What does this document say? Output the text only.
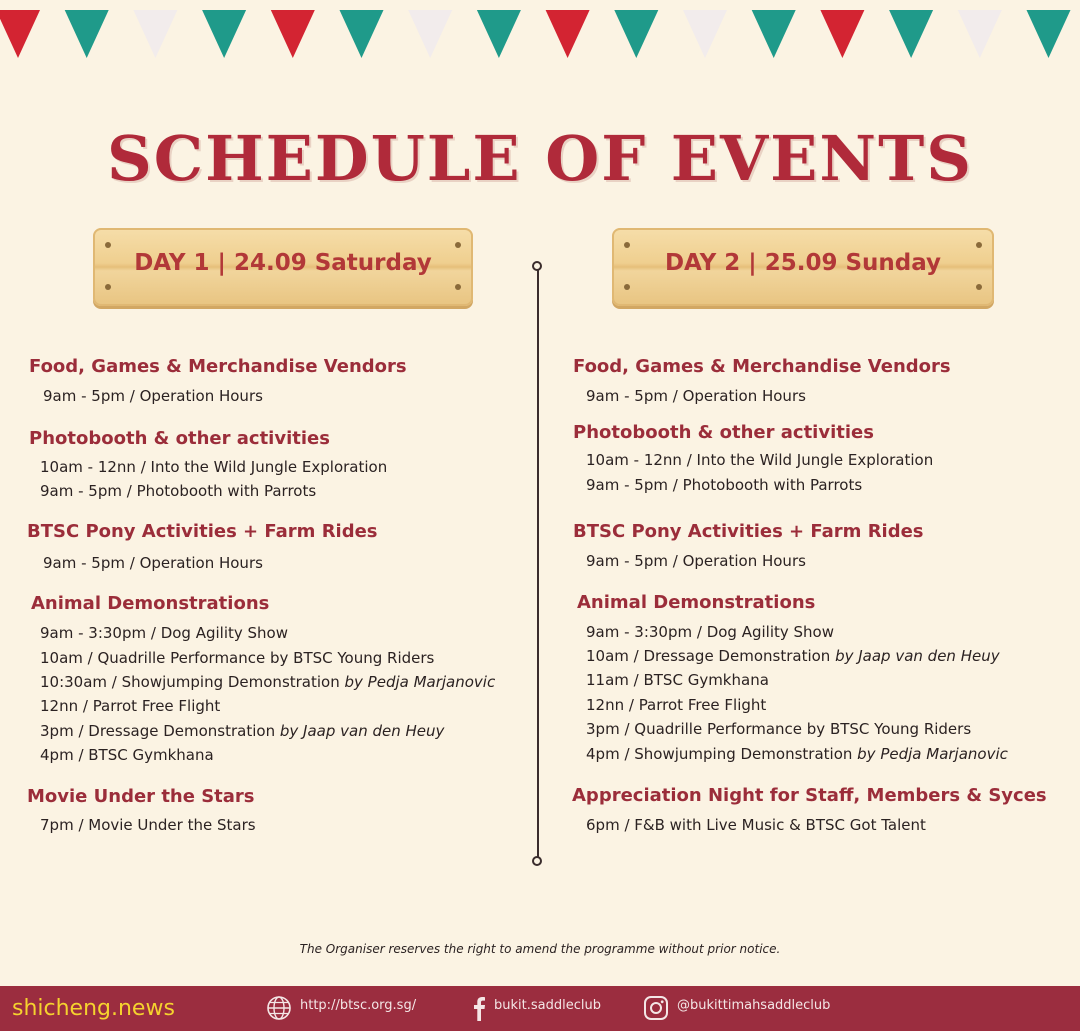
SCHEDULE OF EVENTS
DAY 1 | 24.09 Saturday	DAY 2 | 25.09 Sunday
Food, Games & Merchandise Vendors
9am - 5pm / Operation Hours
Photobooth & other activities
10am - 12nn / Into the Wild Jungle Exploration
9am - 5pm / Photobooth with Parrots
BTSC Pony Activities + Farm Rides
9am - 5pm / Operation Hours
Animal Demonstrations
9am - 3:30pm / Dog Agility Show
10am / Quadrille Performance by BTSC Young Riders
10:30am / Showjumping Demonstration by Pedja Marjanovic
12nn / Parrot Free Flight
3pm / Dressage Demonstration by Jaap van den Heuy
4pm / BTSC Gymkhana
Movie Under the Stars
7pm / Movie Under the Stars
Food, Games & Merchandise Vendors
9am - 5pm / Operation Hours
Photobooth & other activities
10am - 12nn / Into the Wild Jungle Exploration
9am - 5pm / Photobooth with Parrots
BTSC Pony Activities + Farm Rides
9am - 5pm / Operation Hours
Animal Demonstrations
9am - 3:30pm / Dog Agility Show
10am / Dressage Demonstration by Jaap van den Heuy
11am / BTSC Gymkhana
12nn / Parrot Free Flight
3pm / Quadrille Performance by BTSC Young Riders
4pm / Showjumping Demonstration by Pedja Marjanovic
Appreciation Night for Staff, Members & Syces
6pm / F&B with Live Music & BTSC Got Talent
The Organiser reserves the right to amend the programme without prior notice.
http://btsc.org.sg/	bukit.saddleclub	@bukittimahsaddleclub
shicheng.news
